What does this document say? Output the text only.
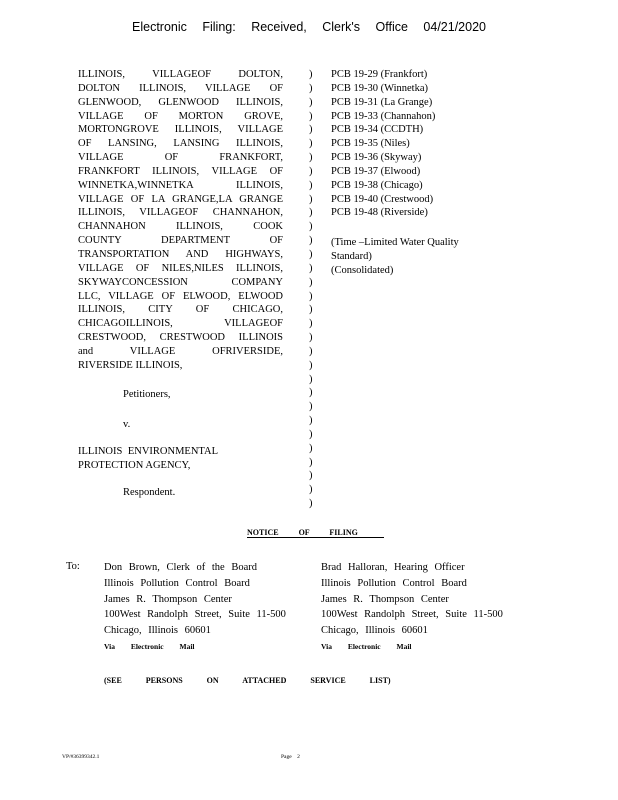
Electronic Filing: Received, Clerk's Office 04/21/2020
ILLINOIS, VILLAGEOF DOLTON,
DOLTON ILLINOIS, VILLAGE OF
GLENWOOD, GLENWOOD ILLINOIS,
VILLAGE OF MORTON GROVE,
MORTONGROVE ILLINOIS, VILLAGE
OF LANSING, LANSING ILLINOIS,
VILLAGE OF FRANKFORT,
FRANKFORT ILLINOIS, VILLAGE OF
WINNETKA,WINNETKA ILLINOIS,
VILLAGE OF LA GRANGE,LA GRANGE
ILLINOIS, VILLAGEOF CHANNAHON,
CHANNAHON ILLINOIS, COOK
COUNTY DEPARTMENT OF
TRANSPORTATION AND HIGHWAYS,
VILLAGE OF NILES,NILES ILLINOIS,
SKYWAYCONCESSION COMPANY
LLC, VILLAGE OF ELWOOD, ELWOOD
ILLINOIS, CITY OF CHICAGO,
CHICAGOILLINOIS, VILLAGEOF
CRESTWOOD, CRESTWOOD ILLINOIS
and VILLAGE OFRIVERSIDE,
RIVERSIDE ILLINOIS,
)
)
)
)
)
)
)
)
)
)
)
)
)
)
)
)
)
)
)
)
)
)
)
)
)
)
)
)
)
)
)
)
PCB 19-29 (Frankfort)
PCB 19-30 (Winnetka)
PCB 19-31 (La Grange)
PCB 19-33 (Channahon)
PCB 19-34 (CCDTH)
PCB 19-35 (Niles)
PCB 19-36 (Skyway)
PCB 19-37 (Elwood)
PCB 19-38 (Chicago)
PCB 19-40 (Crestwood)
PCB 19-48 (Riverside)
(Time –Limited Water Quality
Standard)
(Consolidated)
Petitioners,
v.
ILLINOIS ENVIRONMENTAL
PROTECTION AGENCY,
Respondent.
NOTICE OF FILING
To: Don Brown, Clerk of the Board
Illinois Pollution Control Board
James R. Thompson Center
100West Randolph Street, Suite 11-500
Chicago, Illinois 60601
Via Electronic Mail
Brad Halloran, Hearing Officer
Illinois Pollution Control Board
James R. Thompson Center
100West Randolph Street, Suite 11-500
Chicago, Illinois 60601
Via Electronic Mail
(SEE PERSONS ON ATTACHED SERVICE LIST)
VP/#36399342.1	Page 2
